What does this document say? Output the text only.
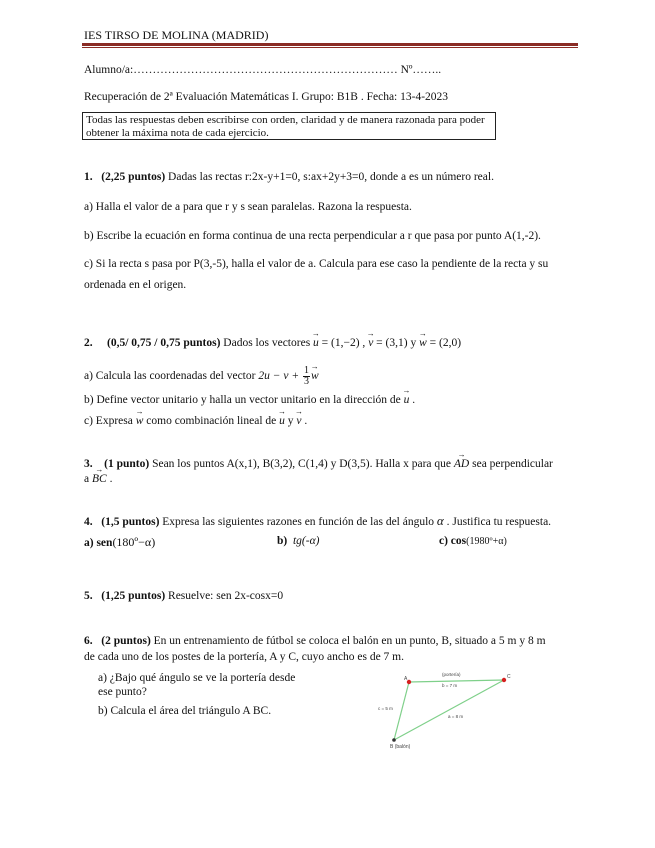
IES TIRSO DE MOLINA (MADRID)
Alumno/a:…………………………………………………………… Nº……..
Recuperación de 2ª Evaluación Matemáticas I. Grupo: B1B . Fecha: 13-4-2023
Todas las respuestas deben escribirse con orden, claridad y de manera razonada para poder obtener la máxima nota de cada ejercicio.
1. (2,25 puntos) Dadas las rectas r:2x-y+1=0, s:ax+2y+3=0, donde a es un número real.
a) Halla el valor de a para que r y s sean paralelas. Razona la respuesta.
b) Escribe la ecuación en forma continua de una recta perpendicular a r que pasa por punto A(1,-2).
c) Si la recta s pasa por P(3,-5), halla el valor de a. Calcula para ese caso la pendiente de la recta y su
ordenada en el origen.
2. (0,5/ 0,75 / 0,75 puntos) Dados los vectores → u = (1,−2) , → v = (3,1) y → w = (2,0)
a) Calcula las coordenadas del vector $2u - v + \frac{1}{3}$
→ w
b) Define vector unitario y halla un vector unitario en la dirección de → u .
c) Expresa → w como combinación lineal de → u y → v .
3. (1 punto) Sean los puntos A(x,1), B(3,2), C(1,4) y D(3,5). Halla x para que → AD sea perpendicular
a → BC .
4. (1,5 puntos) Expresa las siguientes razones en función de las del ángulo α . Justifica tu respuesta.
a) sen(180º−α)	b) tg(-α)	c) cos(1980º+α)
5. (1,25 puntos) Resuelve: sen 2x-cosx=0
6. (2 puntos) En un entrenamiento de fútbol se coloca el balón en un punto, B, situado a 5 m y 8 m
de cada uno de los postes de la portería, A y C, cuyo ancho es de 7 m.
a) ¿Bajo qué ángulo se ve la portería desde
ese punto?
b) Calcula el área del triángulo A BC.
A	C
B (balón)
(portería)
b = 7 m
c = 5 m
a = 8 m
